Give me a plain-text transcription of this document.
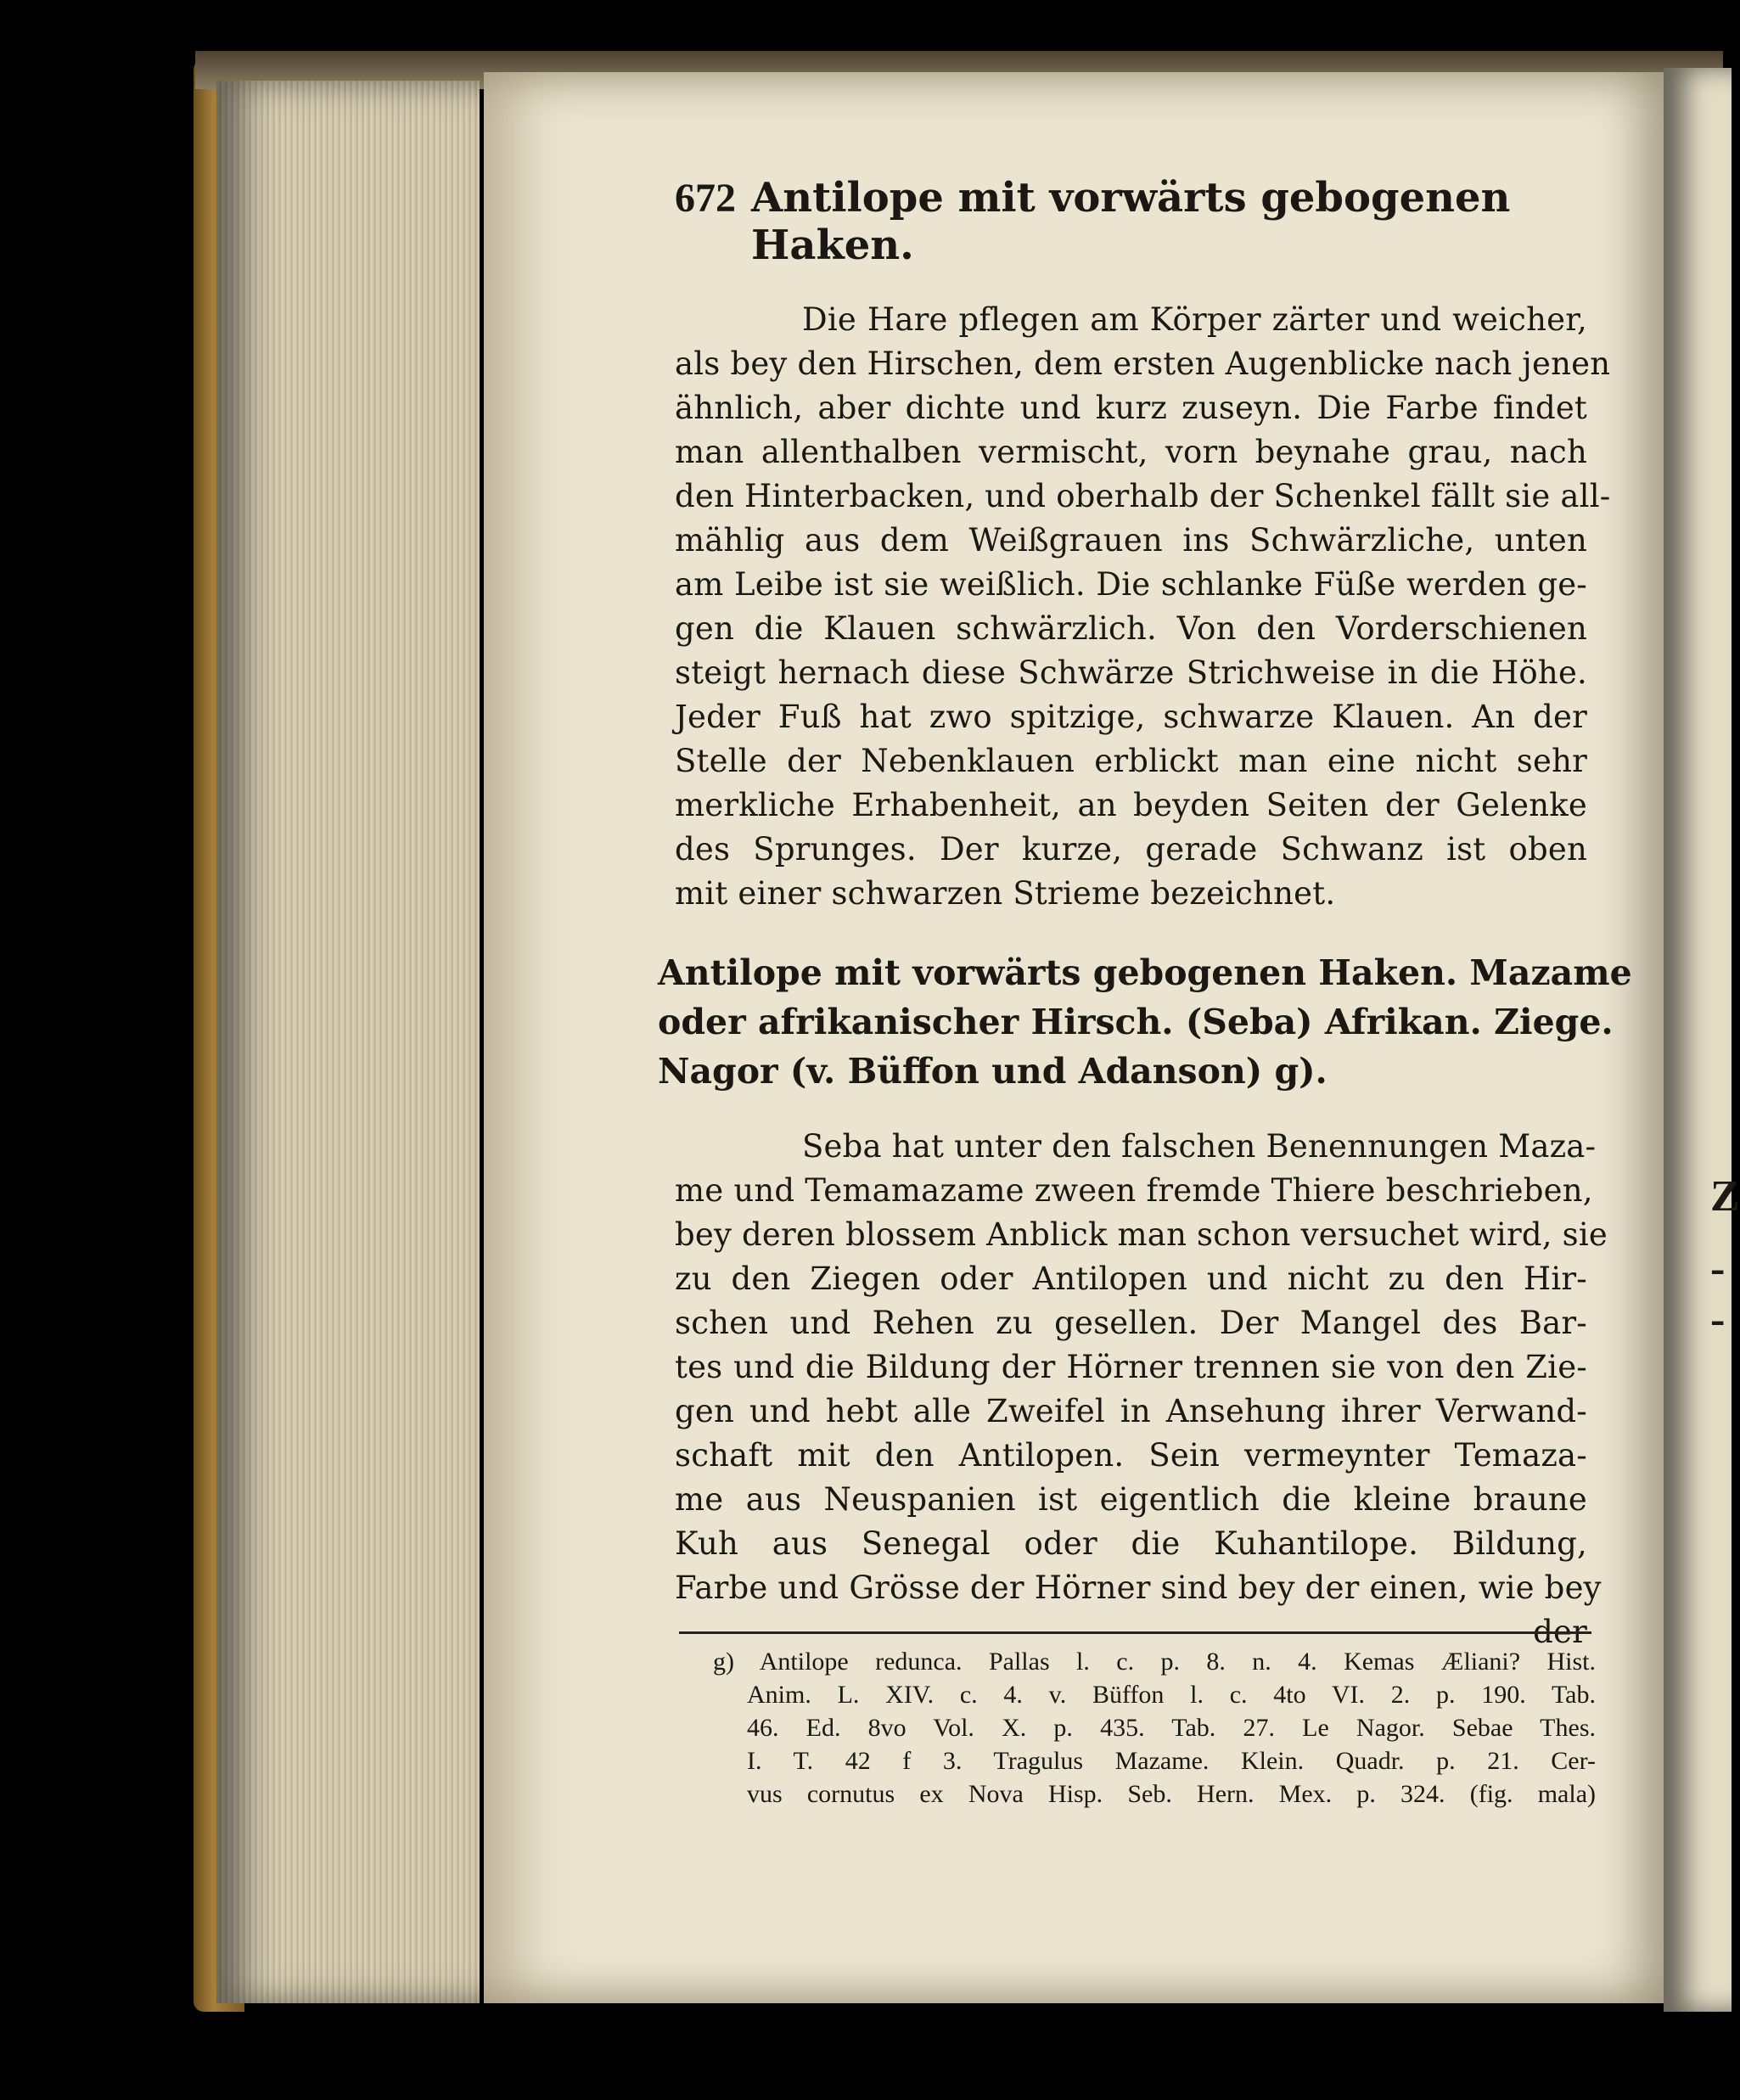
Z
-
-
672 Antilope mit vorwärts gebogenen Haken.
Die Hare pflegen am Körper zärter und weicher,
als bey den Hirschen, dem ersten Augenblicke nach jenen
ähnlich, aber dichte und kurz zuseyn. Die Farbe findet
man allenthalben vermischt, vorn beynahe grau, nach
den Hinterbacken, und oberhalb der Schenkel fällt sie all-
mählig aus dem Weißgrauen ins Schwärzliche, unten
am Leibe ist sie weißlich. Die schlanke Füße werden ge-
gen die Klauen schwärzlich. Von den Vorderschienen
steigt hernach diese Schwärze Strichweise in die Höhe.
Jeder Fuß hat zwo spitzige, schwarze Klauen. An der
Stelle der Nebenklauen erblickt man eine nicht sehr
merkliche Erhabenheit, an beyden Seiten der Gelenke
des Sprunges. Der kurze, gerade Schwanz ist oben
mit einer schwarzen Strieme bezeichnet.
Antilope mit vorwärts gebogenen Haken. Mazame
oder afrikanischer Hirsch. (Seba) Afrikan. Ziege.
Nagor (v. Büffon und Adanson) g).
Seba hat unter den falschen Benennungen Maza-
me und Temamazame zween fremde Thiere beschrieben,
bey deren blossem Anblick man schon versuchet wird, sie
zu den Ziegen oder Antilopen und nicht zu den Hir-
schen und Rehen zu gesellen. Der Mangel des Bar-
tes und die Bildung der Hörner trennen sie von den Zie-
gen und hebt alle Zweifel in Ansehung ihrer Verwand-
schaft mit den Antilopen. Sein vermeynter Temaza-
me aus Neuspanien ist eigentlich die kleine braune
Kuh aus Senegal oder die Kuhantilope. Bildung,
Farbe und Grösse der Hörner sind bey der einen, wie bey
der
g) Antilope redunca. Pallas l. c. p. 8. n. 4. Kemas Æliani? Hist.
Anim. L. XIV. c. 4. v. Büffon l. c. 4to VI. 2. p. 190. Tab.
46. Ed. 8vo Vol. X. p. 435. Tab. 27. Le Nagor. Sebae Thes.
I. T. 42 f 3. Tragulus Mazame. Klein. Quadr. p. 21. Cer-
vus cornutus ex Nova Hisp. Seb. Hern. Mex. p. 324. (fig. mala)
